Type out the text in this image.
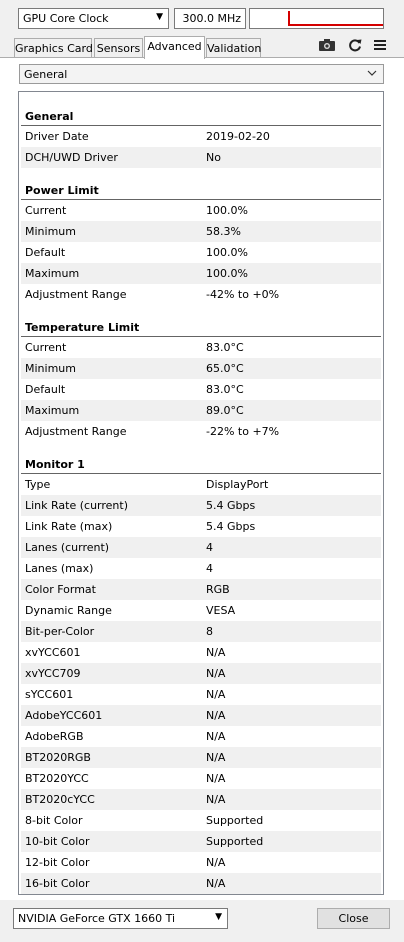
GPU Core Clock	▼	300.0 MHz
Graphics Card Sensors Advanced Validation
General
General
Driver Date	2019-02-20
DCH/UWD Driver	No
Power Limit
Current	100.0%
Minimum	58.3%
Default	100.0%
Maximum	100.0%
Adjustment Range	-42% to +0%
Temperature Limit
Current	83.0°C
Minimum	65.0°C
Default	83.0°C
Maximum	89.0°C
Adjustment Range	-22% to +7%
Monitor 1
Type	DisplayPort
Link Rate (current)	5.4 Gbps
Link Rate (max)	5.4 Gbps
Lanes (current)	4
Lanes (max)	4
Color Format	RGB
Dynamic Range	VESA
Bit-per-Color	8
xvYCC601	N/A
xvYCC709	N/A
sYCC601	N/A
AdobeYCC601	N/A
AdobeRGB	N/A
BT2020RGB	N/A
BT2020YCC	N/A
BT2020cYCC	N/A
8-bit Color	Supported
10-bit Color	Supported
12-bit Color	N/A
16-bit Color	N/A
NVIDIA GeForce GTX 1660 Ti	▼	Close
